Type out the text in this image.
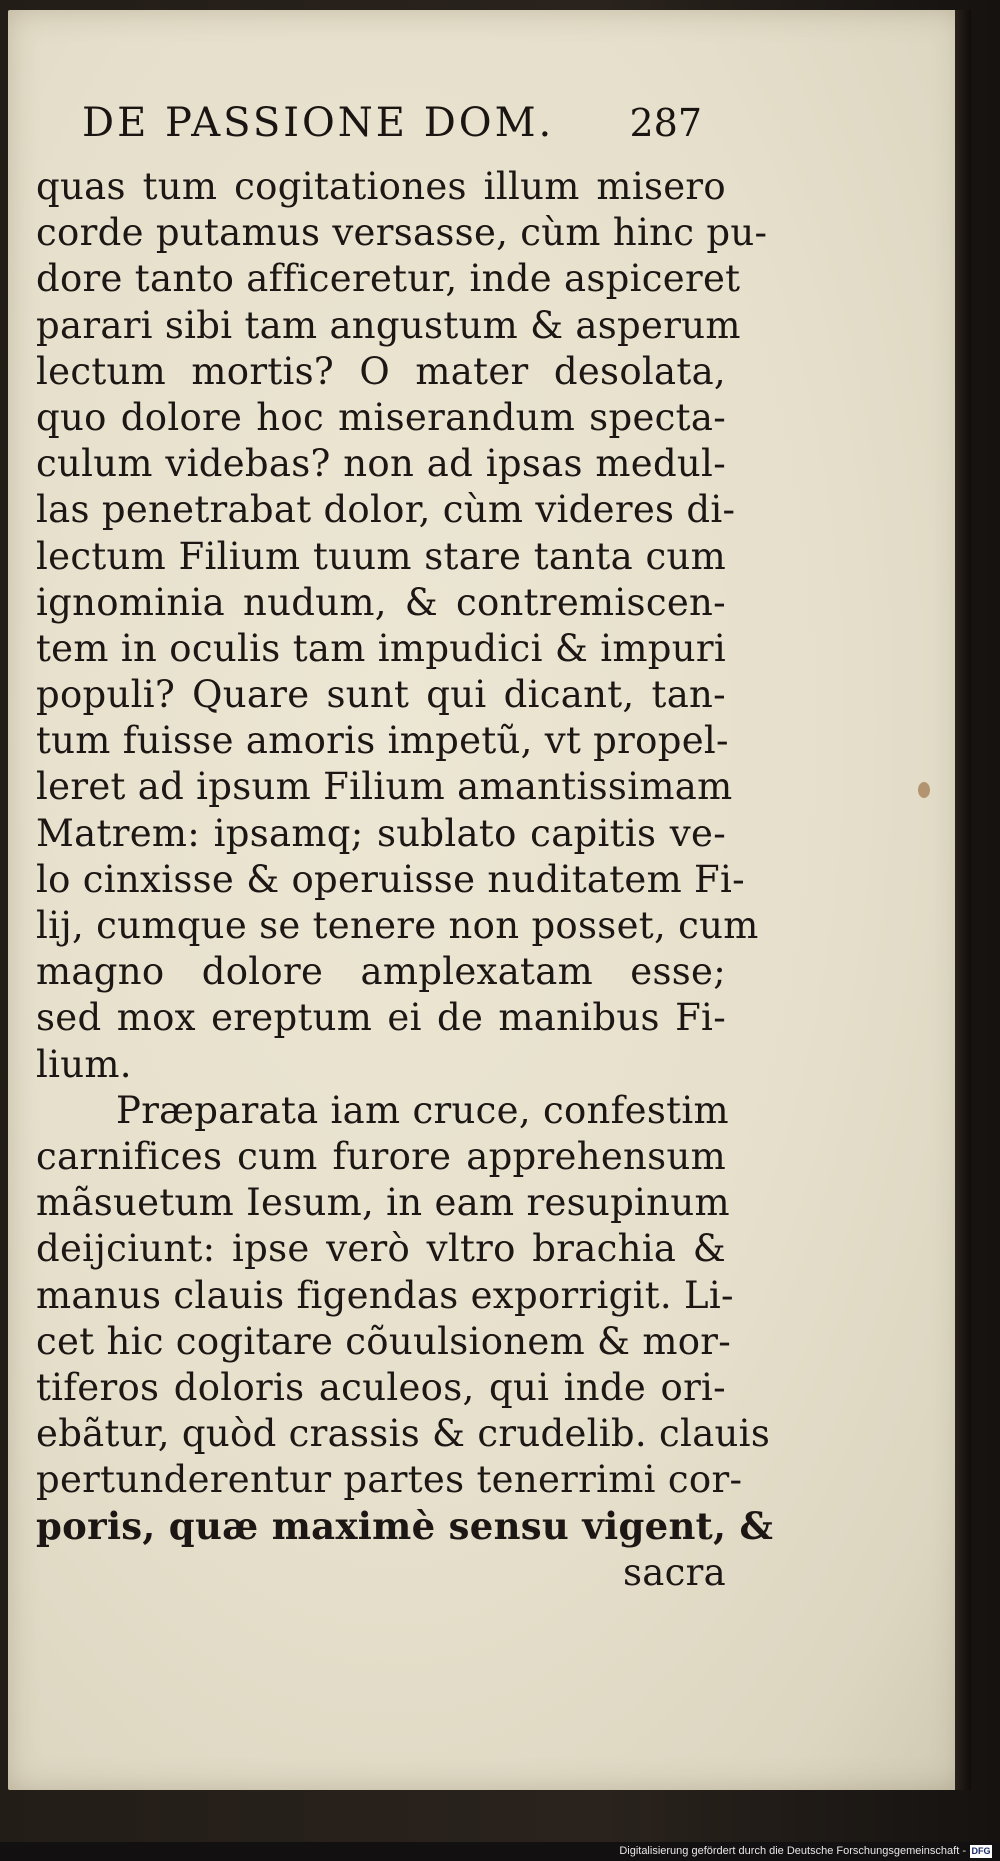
DE PASSIONE DOM. 287
quas tum cogitationes illum misero
corde putamus versasse, cùm hinc pu-
dore tanto afficeretur, inde aspiceret
parari sibi tam angustum & asperum
lectum mortis? O mater desolata,
quo dolore hoc miserandum specta-
culum videbas? non ad ipsas medul-
las penetrabat dolor, cùm videres di-
lectum Filium tuum stare tanta cum
ignominia nudum, & contremiscen-
tem in oculis tam impudici & impuri
populi? Quare sunt qui dicant, tan-
tum fuisse amoris impetũ, vt propel-
leret ad ipsum Filium amantissimam
Matrem: ipsamq; sublato capitis ve-
lo cinxisse & operuisse nuditatem Fi-
lij, cumque se tenere non posset, cum
magno dolore amplexatam esse;
sed mox ereptum ei de manibus Fi-
lium.
Præparata iam cruce, confestim
carnifices cum furore apprehensum
mãsuetum Iesum, in eam resupinum
deijciunt: ipse verò vltro brachia &
manus clauis figendas exporrigit. Li-
cet hic cogitare cõuulsionem & mor-
tiferos doloris aculeos, qui inde ori-
ebãtur, quòd crassis & crudelib. clauis
pertunderentur partes tenerrimi cor-
poris, quæ maximè sensu vigent, &
sacra
Digitalisierung gefördert durch die Deutsche Forschungsgemeinschaft - DFG
